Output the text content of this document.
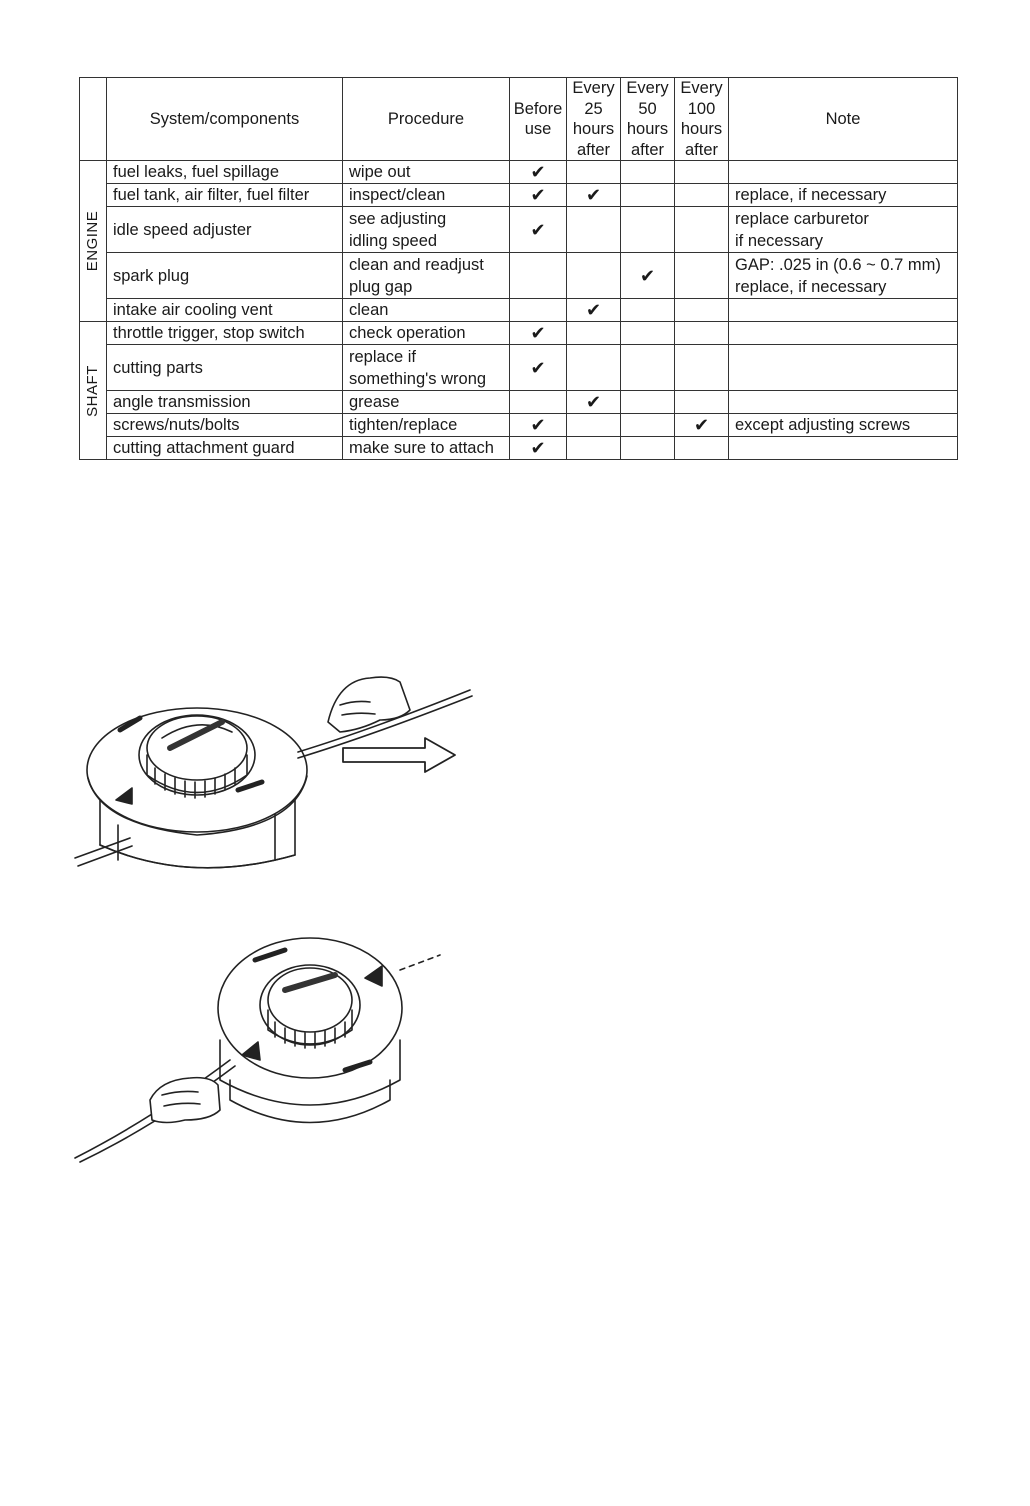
	System/components	Procedure	Before
use	Every
25
hours
after	Every
50
hours
after	Every
100
hours
after	Note

ENGINE	fuel leaks, fuel spillage	wipe out	✔				

	fuel tank, air filter, fuel filter	inspect/clean	✔	✔			replace, if necessary

	idle speed adjuster	see adjusting
idling speed	✔				replace carburetor
if necessary

	spark plug	clean and readjust
plug gap			✔		GAP: .025 in (0.6 ~ 0.7 mm)
replace, if necessary

	intake air cooling vent	clean		✔			

SHAFT	throttle trigger, stop switch	check operation	✔				

	cutting parts	replace if
something's wrong	✔				

	angle transmission	grease		✔			

	screws/nuts/bolts	tighten/replace	✔			✔	except adjusting screws

	cutting attachment guard	make sure to attach	✔				
